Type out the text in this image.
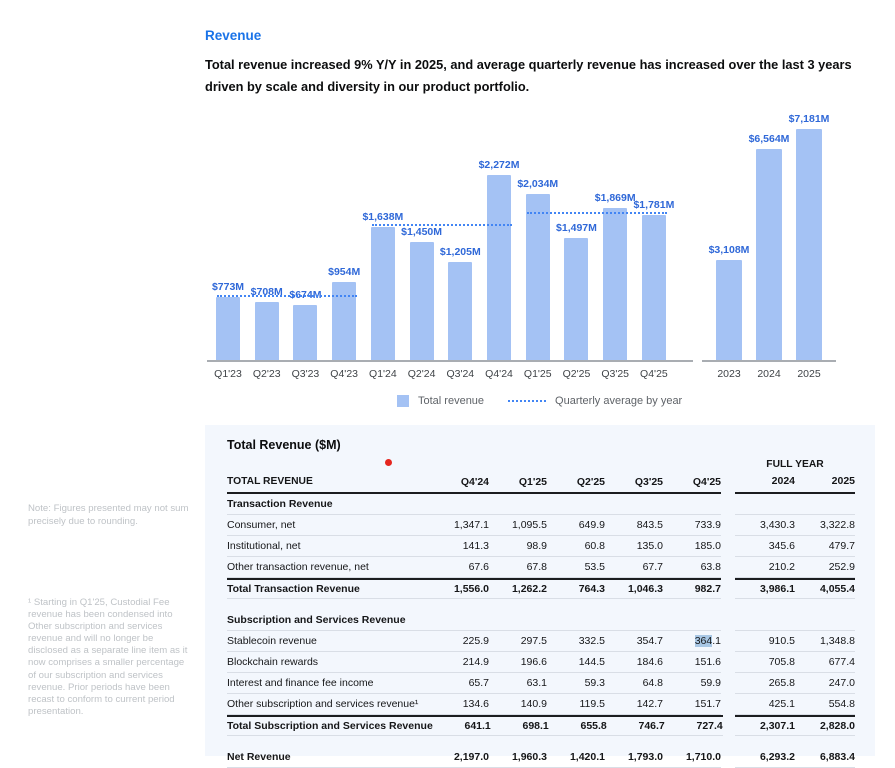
Revenue

Total revenue increased 9% Y/Y in 2025, and average quarterly revenue has increased over the last 3 years driven by scale and diversity in our product portfolio.

Total revenue	Quarterly average by year
$773M
Q1'23
$708M
Q2'23
$674M
Q3'23
$954M
Q4'23
$1,638M
Q1'24
$1,450M
Q2'24
$1,205M
Q3'24
$2,272M
Q4'24
$2,034M
Q1'25
$1,497M
Q2'25
$1,869M
Q3'25
$1,781M
Q4'25
$3,108M
2023
$6,564M
2024
$7,181M
2025
Total Revenue ($M)
TOTAL REVENUE	Q4'24	Q1'25	Q2'25	Q3'25	Q4'25
FULL YEAR
2024	2025
Transaction Revenue

Consumer, net	1,347.1	1,095.5	649.9	843.5	733.9	3,430.3	3,322.8
Institutional, net	141.3	98.9	60.8	135.0	185.0	345.6	479.7
Other transaction revenue, net	67.6	67.8	53.5	67.7	63.8	210.2	252.9
Total Transaction Revenue	1,556.0	1,262.2	764.3	1,046.3	982.7	3,986.1	4,055.4
Subscription and Services Revenue

Stablecoin revenue	225.9	297.5	332.5	354.7	364.1	910.5	1,348.8
Blockchain rewards	214.9	196.6	144.5	184.6	151.6	705.8	677.4
Interest and finance fee income	65.7	63.1	59.3	64.8	59.9	265.8	247.0
Other subscription and services revenue¹	134.6	140.9	119.5	142.7	151.7	425.1	554.8
Total Subscription and Services Revenue	641.1	698.1	655.8	746.7	727.4	2,307.1	2,828.0
Net Revenue	2,197.0	1,960.3	1,420.1	1,793.0	1,710.0	6,293.2	6,883.4
Note: Figures presented may not sum precisely due to rounding.
¹ Starting in Q1'25, Custodial Fee revenue has been condensed into Other subscription and services revenue and will no longer be disclosed as a separate line item as it now comprises a smaller percentage of our subscription and services revenue. Prior periods have been recast to conform to current period presentation.
